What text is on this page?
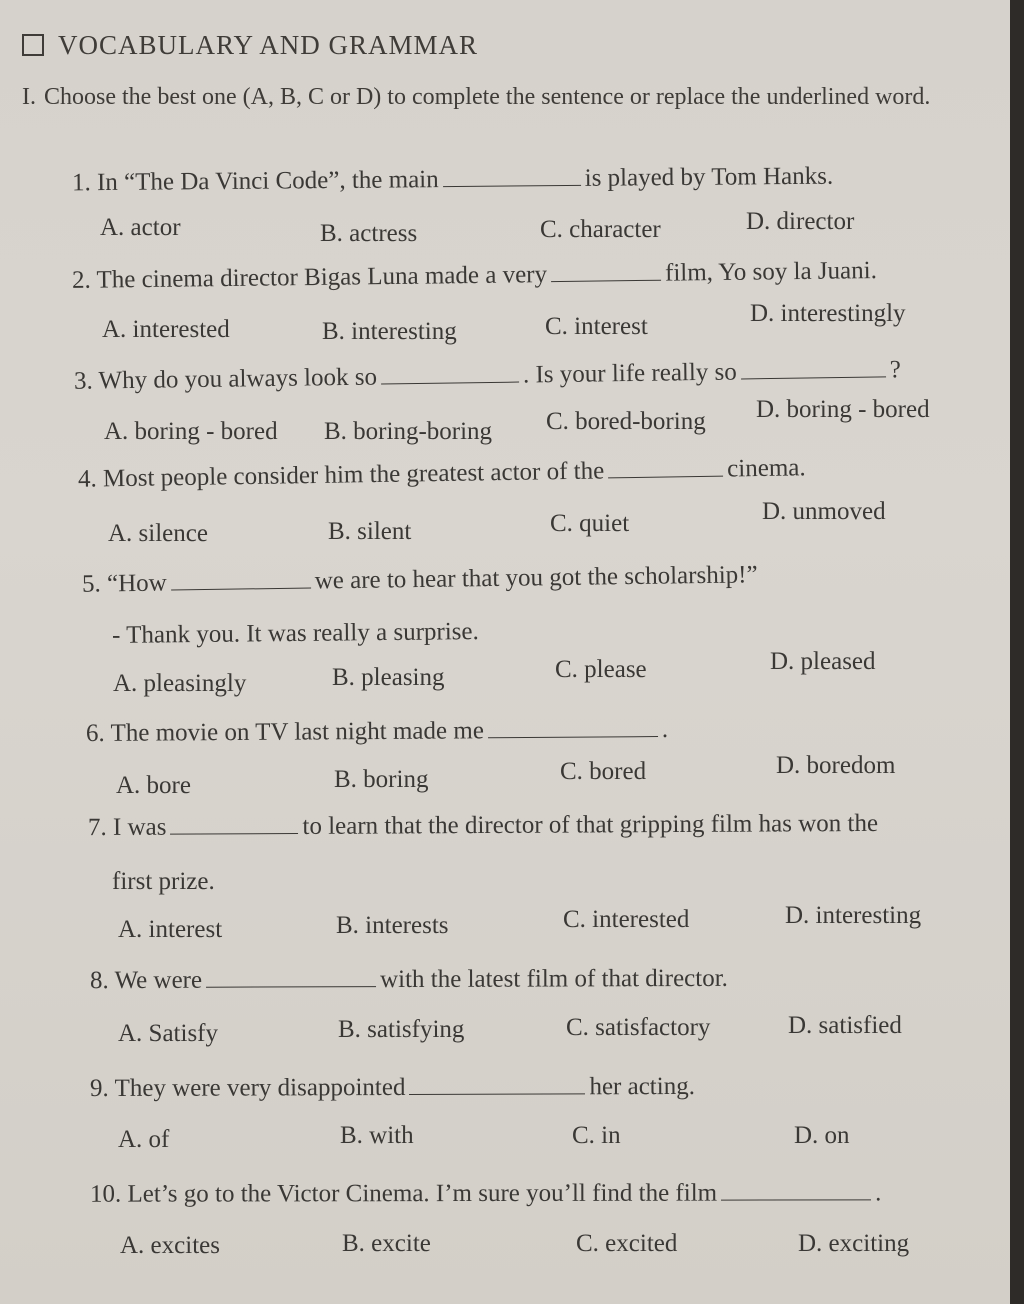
VOCABULARY AND GRAMMAR
I. Choose the best one (A, B, C or D) to complete the sentence or replace the underlined word.
1. In “The Da Vinci Code”, the main	is played by Tom Hanks.
A. actor	B. actress	C. character	D. director
2. The cinema director Bigas Luna made a very	film, Yo soy la Juani.
A. interested	B. interesting	C. interest	D. interestingly
3. Why do you always look so	. Is your life really so	?
A. boring - bored B. boring-boring C. bored-boring D. boring - bored
4. Most people consider him the greatest actor of the	cinema.
A. silence	B. silent	C. quiet	D. unmoved
5. “How	we are to hear that you got the scholarship!”
- Thank you. It was really a surprise.
A. pleasingly	B. pleasing	C. please	D. pleased
6. The movie on TV last night made me	.
A. bore	B. boring	C. bored	D. boredom
7. I was	to learn that the director of that gripping film has won the
first prize.
A. interest	B. interests	C. interested	D. interesting
8. We were	with the latest film of that director.
A. Satisfy	B. satisfying	C. satisfactory	D. satisfied
9. They were very disappointed	her acting.
A. of	B. with	C. in	D. on
10. Let’s go to the Victor Cinema. I’m sure you’ll find the film	.
A. excites	B. excite	C. excited	D. exciting
